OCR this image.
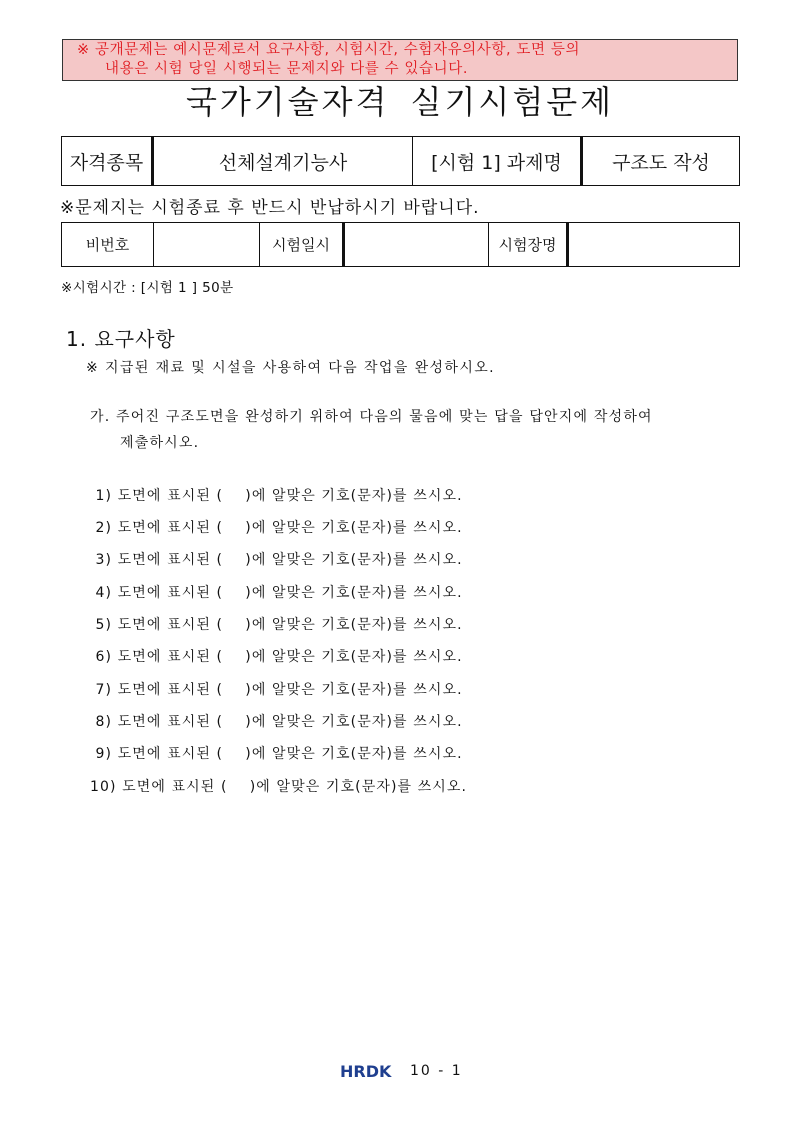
※ 공개문제는 예시문제로서 요구사항, 시험시간, 수험자유의사항, 도면 등의
내용은 시험 당일 시행되는 문제지와 다를 수 있습니다.
국가기술자격 실기시험문제
자격종목	선체설계기능사	[시험 1] 과제명	구조도 작성
※문제지는 시험종료 후 반드시 반납하시기 바랍니다.
비번호		시험일시		시험장명	
※시험시간 : [시험 1 ] 50분
1. 요구사항
※ 지급된 재료 및 시설을 사용하여 다음 작업을 완성하시오.
가. 주어진 구조도면을 완성하기 위하여 다음의 물음에 맞는 답을 답안지에 작성하여
제출하시오.
1) 도면에 표시된 (    )에 알맞은 기호(문자)를 쓰시오.
2) 도면에 표시된 (    )에 알맞은 기호(문자)를 쓰시오.
3) 도면에 표시된 (    )에 알맞은 기호(문자)를 쓰시오.
4) 도면에 표시된 (    )에 알맞은 기호(문자)를 쓰시오.
5) 도면에 표시된 (    )에 알맞은 기호(문자)를 쓰시오.
6) 도면에 표시된 (    )에 알맞은 기호(문자)를 쓰시오.
7) 도면에 표시된 (    )에 알맞은 기호(문자)를 쓰시오.
8) 도면에 표시된 (    )에 알맞은 기호(문자)를 쓰시오.
9) 도면에 표시된 (    )에 알맞은 기호(문자)를 쓰시오.
10) 도면에 표시된 (    )에 알맞은 기호(문자)를 쓰시오.
HRDK 10 - 1
